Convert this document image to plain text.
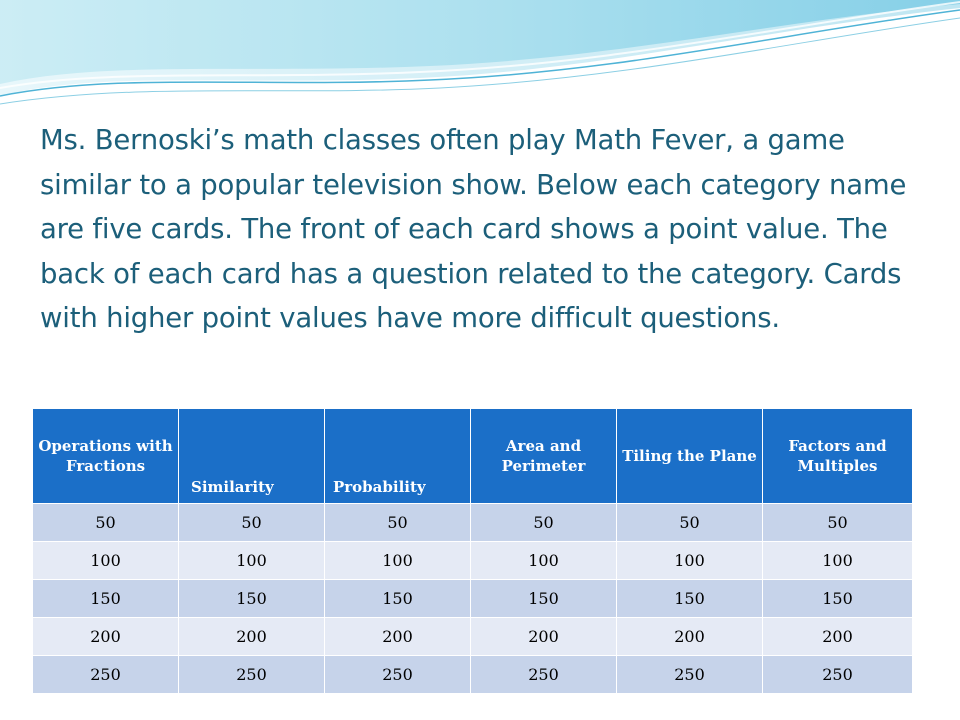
Ms. Bernoski’s math classes often play Math Fever, a game similar to a popular television show. Below each category name are five cards. The front of each card shows a point value. The back of each card has a question related to the category. Cards with higher point values have more difficult questions.
Operations with Fractions	Similarity	Probability	Area and Perimeter	Tiling the Plane	Factors and Multiples
50	50	50	50	50	50
100	100	100	100	100	100
150	150	150	150	150	150
200	200	200	200	200	200
250	250	250	250	250	250
